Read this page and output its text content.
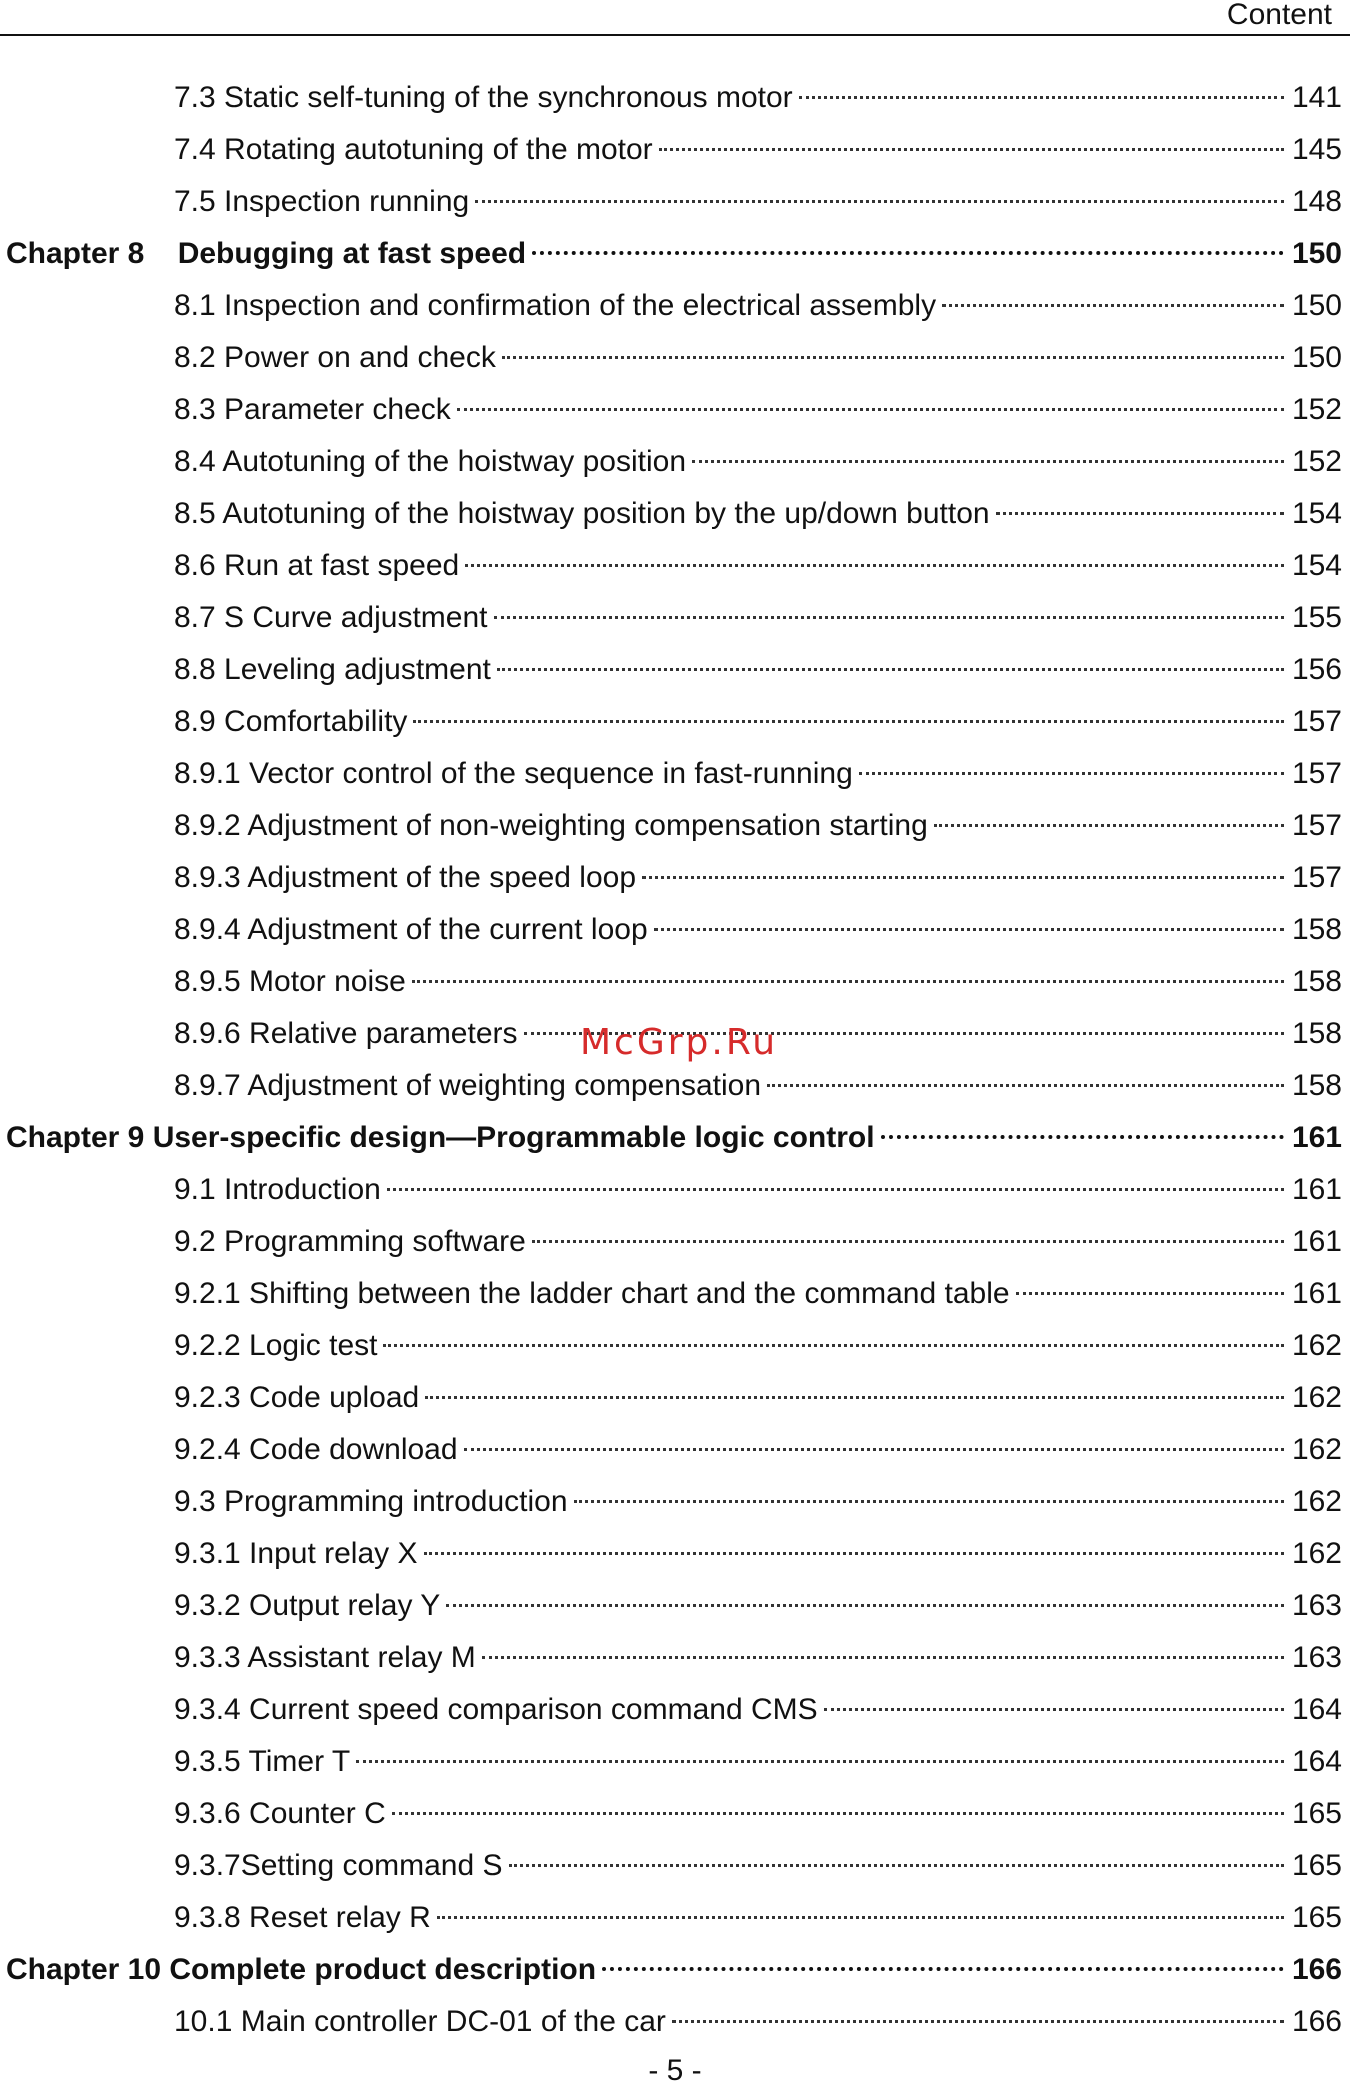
Content
7.3 Static self-tuning of the synchronous motor	141
7.4 Rotating autotuning of the motor	145
7.5 Inspection running	148
Chapter 8    Debugging at fast speed	150
8.1 Inspection and confirmation of the electrical assembly	150
8.2 Power on and check	150
8.3 Parameter check	152
8.4 Autotuning of the hoistway position	152
8.5 Autotuning of the hoistway position by the up/down button	154
8.6 Run at fast speed	154
8.7 S Curve adjustment	155
8.8 Leveling adjustment	156
8.9 Comfortability	157
8.9.1 Vector control of the sequence in fast-running	157
8.9.2 Adjustment of non-weighting compensation starting	157
8.9.3 Adjustment of the speed loop	157
8.9.4 Adjustment of the current loop	158
8.9.5 Motor noise	158
8.9.6 Relative parameters	158
8.9.7 Adjustment of weighting compensation	158
Chapter 9 User-specific design—Programmable logic control	161
9.1 Introduction	161
9.2 Programming software	161
9.2.1 Shifting between the ladder chart and the command table	161
9.2.2 Logic test	162
9.2.3 Code upload	162
9.2.4 Code download	162
9.3 Programming introduction	162
9.3.1 Input relay X	162
9.3.2 Output relay Y	163
9.3.3 Assistant relay M	163
9.3.4 Current speed comparison command CMS	164
9.3.5 Timer T	164
9.3.6 Counter C	165
9.3.7Setting command S	165
9.3.8 Reset relay R	165
Chapter 10 Complete product description	166
10.1 Main controller DC-01 of the car	166
McGrp.Ru
- 5 -
